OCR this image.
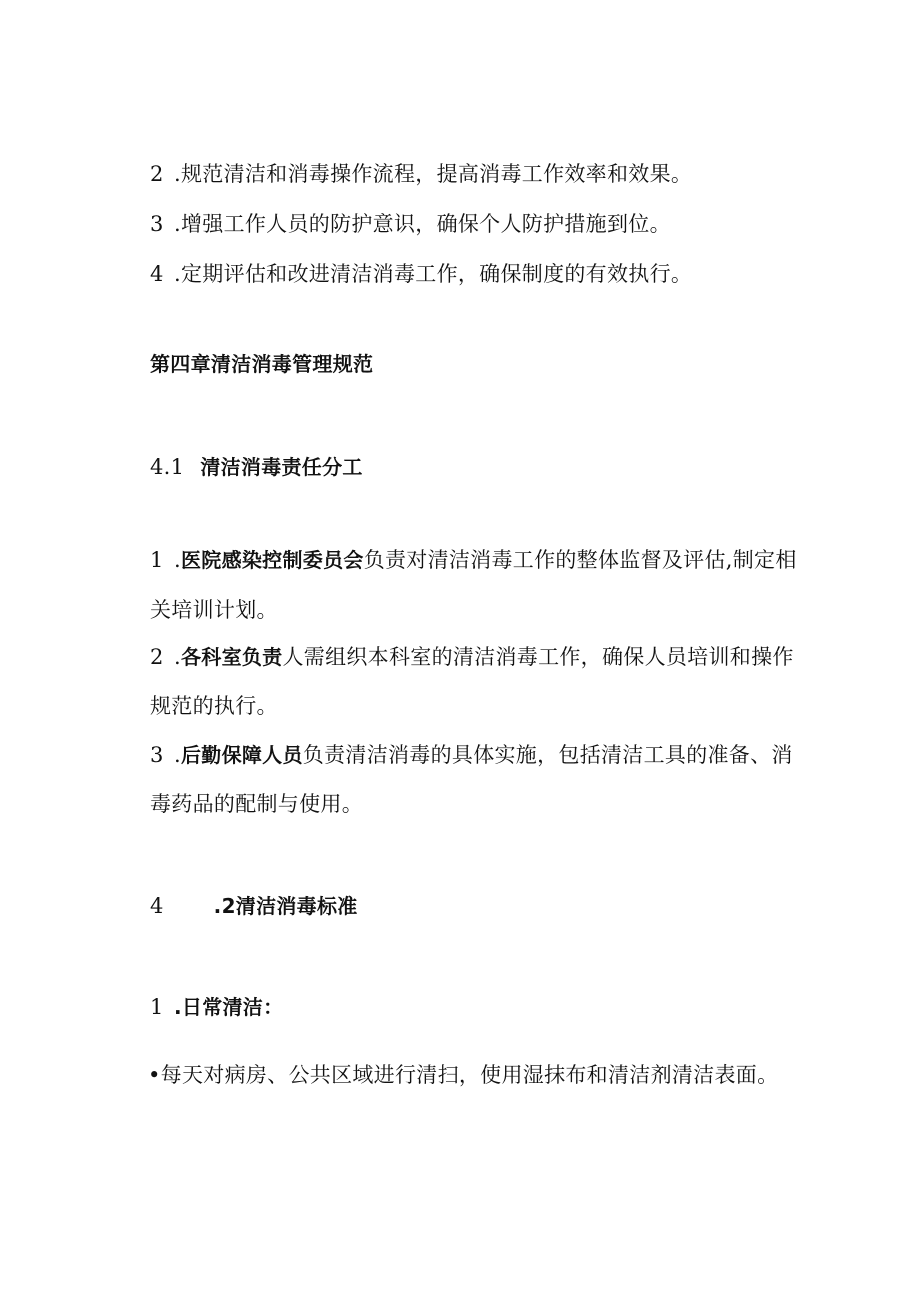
2 .规范清洁和消毒操作流程，提高消毒工作效率和效果。
3 .增强工作人员的防护意识，确保个人防护措施到位。
4 .定期评估和改进清洁消毒工作，确保制度的有效执行。
第四章清洁消毒管理规范
4.1 清洁消毒责任分工
1 .医院感染控制委员会负责对清洁消毒工作的整体监督及评估,制定相
关培训计划。
2 .各科室负责人需组织本科室的清洁消毒工作，确保人员培训和操作
规范的执行。
3 .后勤保障人员负责清洁消毒的具体实施，包括清洁工具的准备、消
毒药品的配制与使用。
4	.2清洁消毒标准
1 .日常清洁：
•每天对病房、公共区域进行清扫，使用湿抹布和清洁剂清洁表面。
